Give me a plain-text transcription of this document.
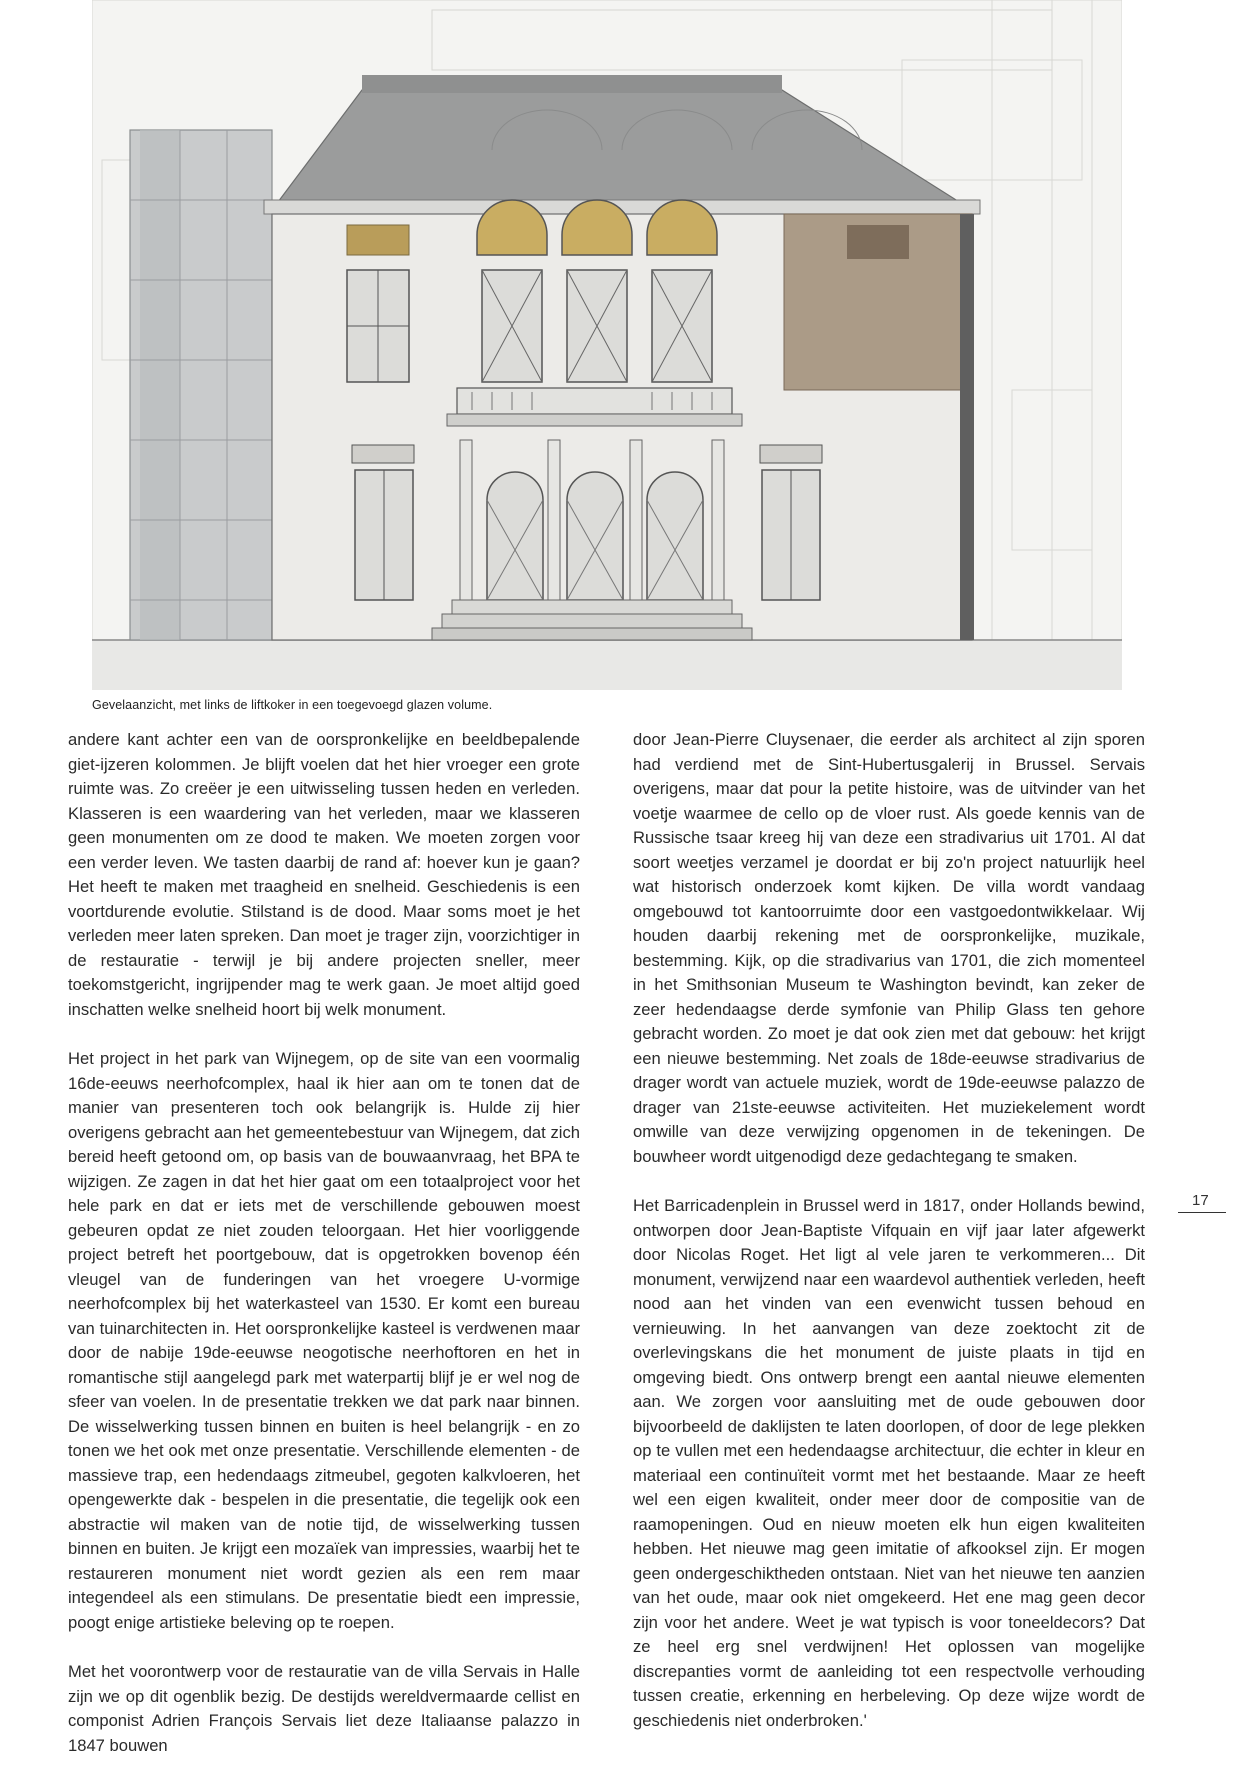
Gevelaanzicht, met links de liftkoker in een toegevoegd glazen volume.

andere kant achter een van de oorspronkelijke en beeldbepalende giet-ijzeren kolommen. Je blijft voelen dat het hier vroeger een grote ruimte was. Zo creëer je een uitwisseling tussen heden en verleden. Klasseren is een waardering van het verleden, maar we klasseren geen monumenten om ze dood te maken. We moeten zorgen voor een verder leven. We tasten daarbij de rand af: hoever kun je gaan? Het heeft te maken met traagheid en snelheid. Geschiedenis is een voortdurende evolutie. Stilstand is de dood. Maar soms moet je het verleden meer laten spreken. Dan moet je trager zijn, voorzichtiger in de restauratie - terwijl je bij andere projecten sneller, meer toekomstgericht, ingrijpender mag te werk gaan. Je moet altijd goed inschatten welke snelheid hoort bij welk monument.

Het project in het park van Wijnegem, op de site van een voormalig 16de-eeuws neerhofcomplex, haal ik hier aan om te tonen dat de manier van presenteren toch ook belangrijk is. Hulde zij hier overigens gebracht aan het gemeentebestuur van Wijnegem, dat zich bereid heeft getoond om, op basis van de bouwaanvraag, het BPA te wijzigen. Ze zagen in dat het hier gaat om een totaalproject voor het hele park en dat er iets met de verschillende gebouwen moest gebeuren opdat ze niet zouden teloorgaan. Het hier voorliggende project betreft het poortgebouw, dat is opgetrokken bovenop één vleugel van de funderingen van het vroegere U-vormige neerhofcomplex bij het waterkasteel van 1530. Er komt een bureau van tuinarchitecten in. Het oorspronkelijke kasteel is verdwenen maar door de nabije 19de-eeuwse neogotische neerhoftoren en het in romantische stijl aangelegd park met waterpartij blijf je er wel nog de sfeer van voelen. In de presentatie trekken we dat park naar binnen. De wisselwerking tussen binnen en buiten is heel belangrijk - en zo tonen we het ook met onze presentatie. Verschillende elementen - de massieve trap, een hedendaags zitmeubel, gegoten kalkvloeren, het opengewerkte dak - bespelen in die presentatie, die tegelijk ook een abstractie wil maken van de notie tijd, de wisselwerking tussen binnen en buiten. Je krijgt een mozaïek van impressies, waarbij het te restaureren monument niet wordt gezien als een rem maar integendeel als een stimulans. De presentatie biedt een impressie, poogt enige artistieke beleving op te roepen.

Met het voorontwerp voor de restauratie van de villa Servais in Halle zijn we op dit ogenblik bezig. De destijds wereldvermaarde cellist en componist Adrien François Servais liet deze Italiaanse palazzo in 1847 bouwen

door Jean-Pierre Cluysenaer, die eerder als architect al zijn sporen had verdiend met de Sint-Hubertusgalerij in Brussel. Servais overigens, maar dat pour la petite histoire, was de uitvinder van het voetje waarmee de cello op de vloer rust. Als goede kennis van de Russische tsaar kreeg hij van deze een stradivarius uit 1701. Al dat soort weetjes verzamel je doordat er bij zo'n project natuurlijk heel wat historisch onderzoek komt kijken. De villa wordt vandaag omgebouwd tot kantoorruimte door een vastgoedontwikkelaar. Wij houden daarbij rekening met de oorspronkelijke, muzikale, bestemming. Kijk, op die stradivarius van 1701, die zich momenteel in het Smithsonian Museum te Washington bevindt, kan zeker de zeer hedendaagse derde symfonie van Philip Glass ten gehore gebracht worden. Zo moet je dat ook zien met dat gebouw: het krijgt een nieuwe bestemming. Net zoals de 18de-eeuwse stradivarius de drager wordt van actuele muziek, wordt de 19de-eeuwse palazzo de drager van 21ste-eeuwse activiteiten. Het muziekelement wordt omwille van deze verwijzing opgenomen in de tekeningen. De bouwheer wordt uitgenodigd deze gedachtegang te smaken.

Het Barricadenplein in Brussel werd in 1817, onder Hollands bewind, ontworpen door Jean-Baptiste Vifquain en vijf jaar later afgewerkt door Nicolas Roget. Het ligt al vele jaren te verkommeren... Dit monument, verwijzend naar een waardevol authentiek verleden, heeft nood aan het vinden van een evenwicht tussen behoud en vernieuwing. In het aanvangen van deze zoektocht zit de overlevingskans die het monument de juiste plaats in tijd en omgeving biedt. Ons ontwerp brengt een aantal nieuwe elementen aan. We zorgen voor aansluiting met de oude gebouwen door bijvoorbeeld de daklijsten te laten doorlopen, of door de lege plekken op te vullen met een hedendaagse architectuur, die echter in kleur en materiaal een continuïteit vormt met het bestaande. Maar ze heeft wel een eigen kwaliteit, onder meer door de compositie van de raamopeningen. Oud en nieuw moeten elk hun eigen kwaliteiten hebben. Het nieuwe mag geen imitatie of afkooksel zijn. Er mogen geen ondergeschiktheden ontstaan. Niet van het nieuwe ten aanzien van het oude, maar ook niet omgekeerd. Het ene mag geen decor zijn voor het andere. Weet je wat typisch is voor toneeldecors? Dat ze heel erg snel verdwijnen! Het oplossen van mogelijke discrepanties vormt de aanleiding tot een respectvolle verhouding tussen creatie, erkenning en herbeleving. Op deze wijze wordt de geschiedenis niet onderbroken.'

17
